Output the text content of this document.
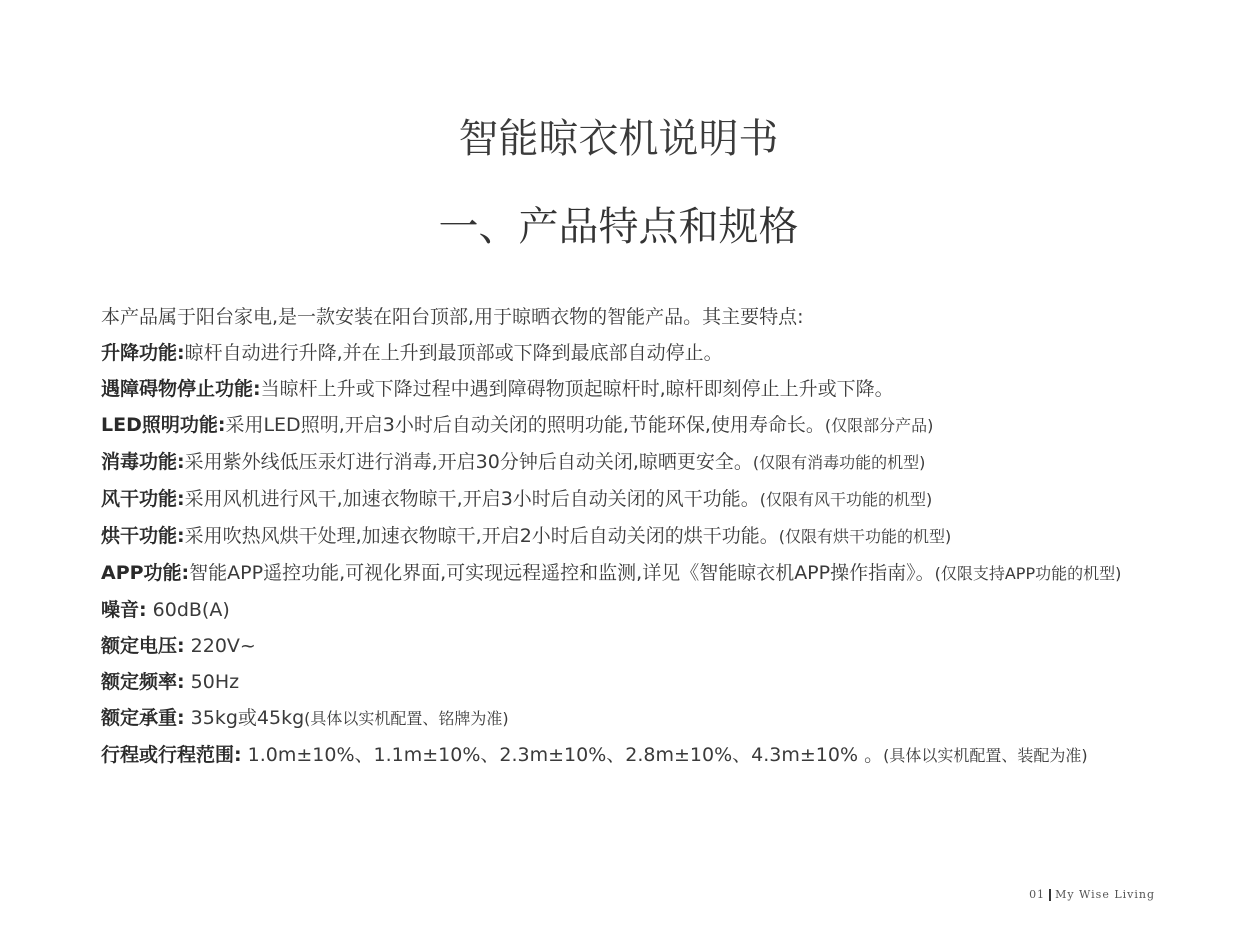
智能晾衣机说明书
一、产品特点和规格
本产品属于阳台家电,是一款安装在阳台顶部,用于晾晒衣物的智能产品。其主要特点:
升降功能:晾杆自动进行升降,并在上升到最顶部或下降到最底部自动停止。
遇障碍物停止功能:当晾杆上升或下降过程中遇到障碍物顶起晾杆时,晾杆即刻停止上升或下降。
LED照明功能:采用LED照明,开启3小时后自动关闭的照明功能,节能环保,使用寿命长。(仅限部分产品)
消毒功能:采用紫外线低压汞灯进行消毒,开启30分钟后自动关闭,晾晒更安全。(仅限有消毒功能的机型)
风干功能:采用风机进行风干,加速衣物晾干,开启3小时后自动关闭的风干功能。(仅限有风干功能的机型)
烘干功能:采用吹热风烘干处理,加速衣物晾干,开启2小时后自动关闭的烘干功能。(仅限有烘干功能的机型)
APP功能:智能APP遥控功能,可视化界面,可实现远程遥控和监测,详见《智能晾衣机APP操作指南》。(仅限支持APP功能的机型)
噪音: 60dB(A)
额定电压: 220V~
额定频率: 50Hz
额定承重: 35kg或45kg(具体以实机配置、铭牌为准)
行程或行程范围: 1.0m±10%、1.1m±10%、2.3m±10%、2.8m±10%、4.3m±10% 。(具体以实机配置、装配为准)
01 My Wise Living
